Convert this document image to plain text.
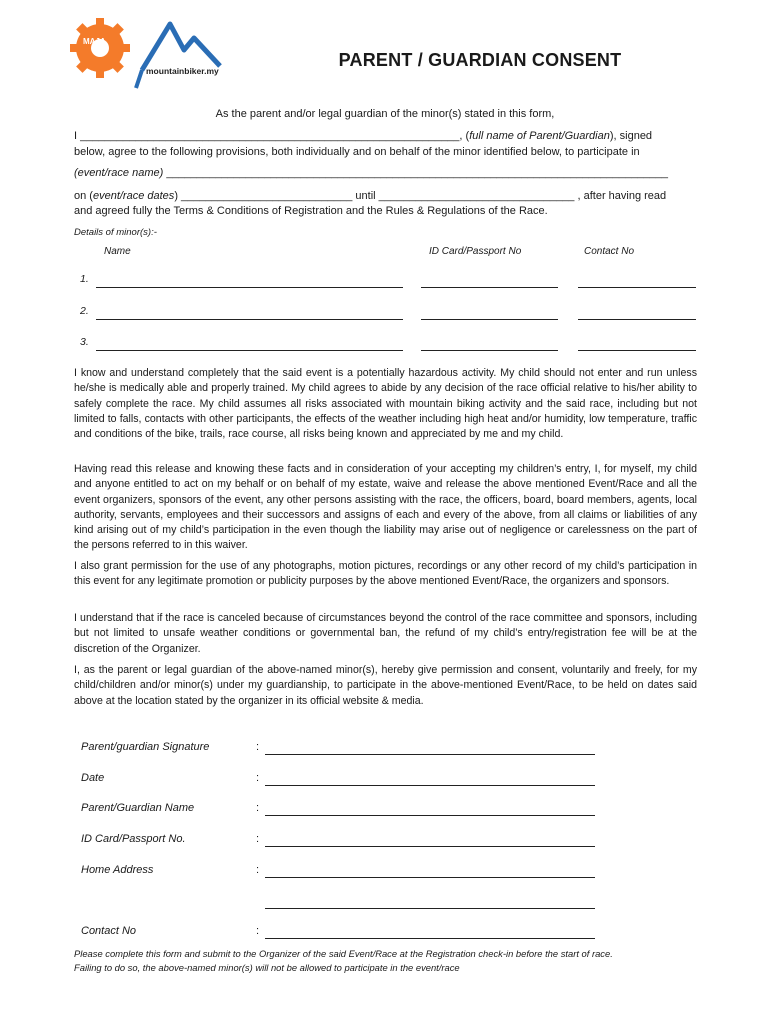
MAJA
mountainbiker.my
PARENT / GUARDIAN CONSENT
As the parent and/or legal guardian of the minor(s) stated in this form,
I ______________________________________________________________, (full name of Parent/Guardian), signed
below, agree to the following provisions, both individually and on behalf of the minor identified below, to participate in
(event/race name) __________________________________________________________________________________
on (event/race dates) ____________________________ until ________________________________ , after having read
and agreed fully the Terms & Conditions of Registration and the Rules & Regulations of the Race.
Details of minor(s):-
Name	ID Card/Passport No	Contact No
1.
2.
3.
I know and understand completely that the said event is a potentially hazardous activity. My child should not enter and run unless he/she is medically able and properly trained. My child agrees to abide by any decision of the race official relative to his/her ability to safely complete the race. My child assumes all risks associated with mountain biking activity and the said race, including but not limited to falls, contacts with other participants, the effects of the weather including high heat and/or humidity, low temperature, traffic and conditions of the bike, trails, race course, all risks being known and appreciated by me and my child.
Having read this release and knowing these facts and in consideration of your accepting my children’s entry, I, for myself, my child and anyone entitled to act on my behalf or on behalf of my estate, waive and release the above mentioned Event/Race and all the event organizers, sponsors of the event, any other persons assisting with the race, the officers, board, board members, agents, local authority, servants, employees and their successors and assigns of each and every of the above, from all claims or liabilities of any kind arising out of my child’s participation in the even though the liability may arise out of negligence or carelessness on the part of the persons referred to in this waiver.
I also grant permission for the use of any photographs, motion pictures, recordings or any other record of my child’s participation in this event for any legitimate promotion or publicity purposes by the above mentioned Event/Race, the organizers and sponsors.
I understand that if the race is canceled because of circumstances beyond the control of the race committee and sponsors, including but not limited to unsafe weather conditions or governmental ban, the refund of my child’s entry/registration fee will be at the discretion of the Organizer.
I, as the parent or legal guardian of the above-named minor(s), hereby give permission and consent, voluntarily and freely, for my child/children and/or minor(s) under my guardianship, to participate in the above-mentioned Event/Race, to be held on dates said above at the location stated by the organizer in its official website & media.
Parent/guardian Signature	:
Date	:
Parent/Guardian Name	:
ID Card/Passport No.	:
Home Address	:
Contact No	:
Please complete this form and submit to the Organizer of the said Event/Race at the Registration check-in before the start of race.
Failing to do so, the above-named minor(s) will not be allowed to participate in the event/race
